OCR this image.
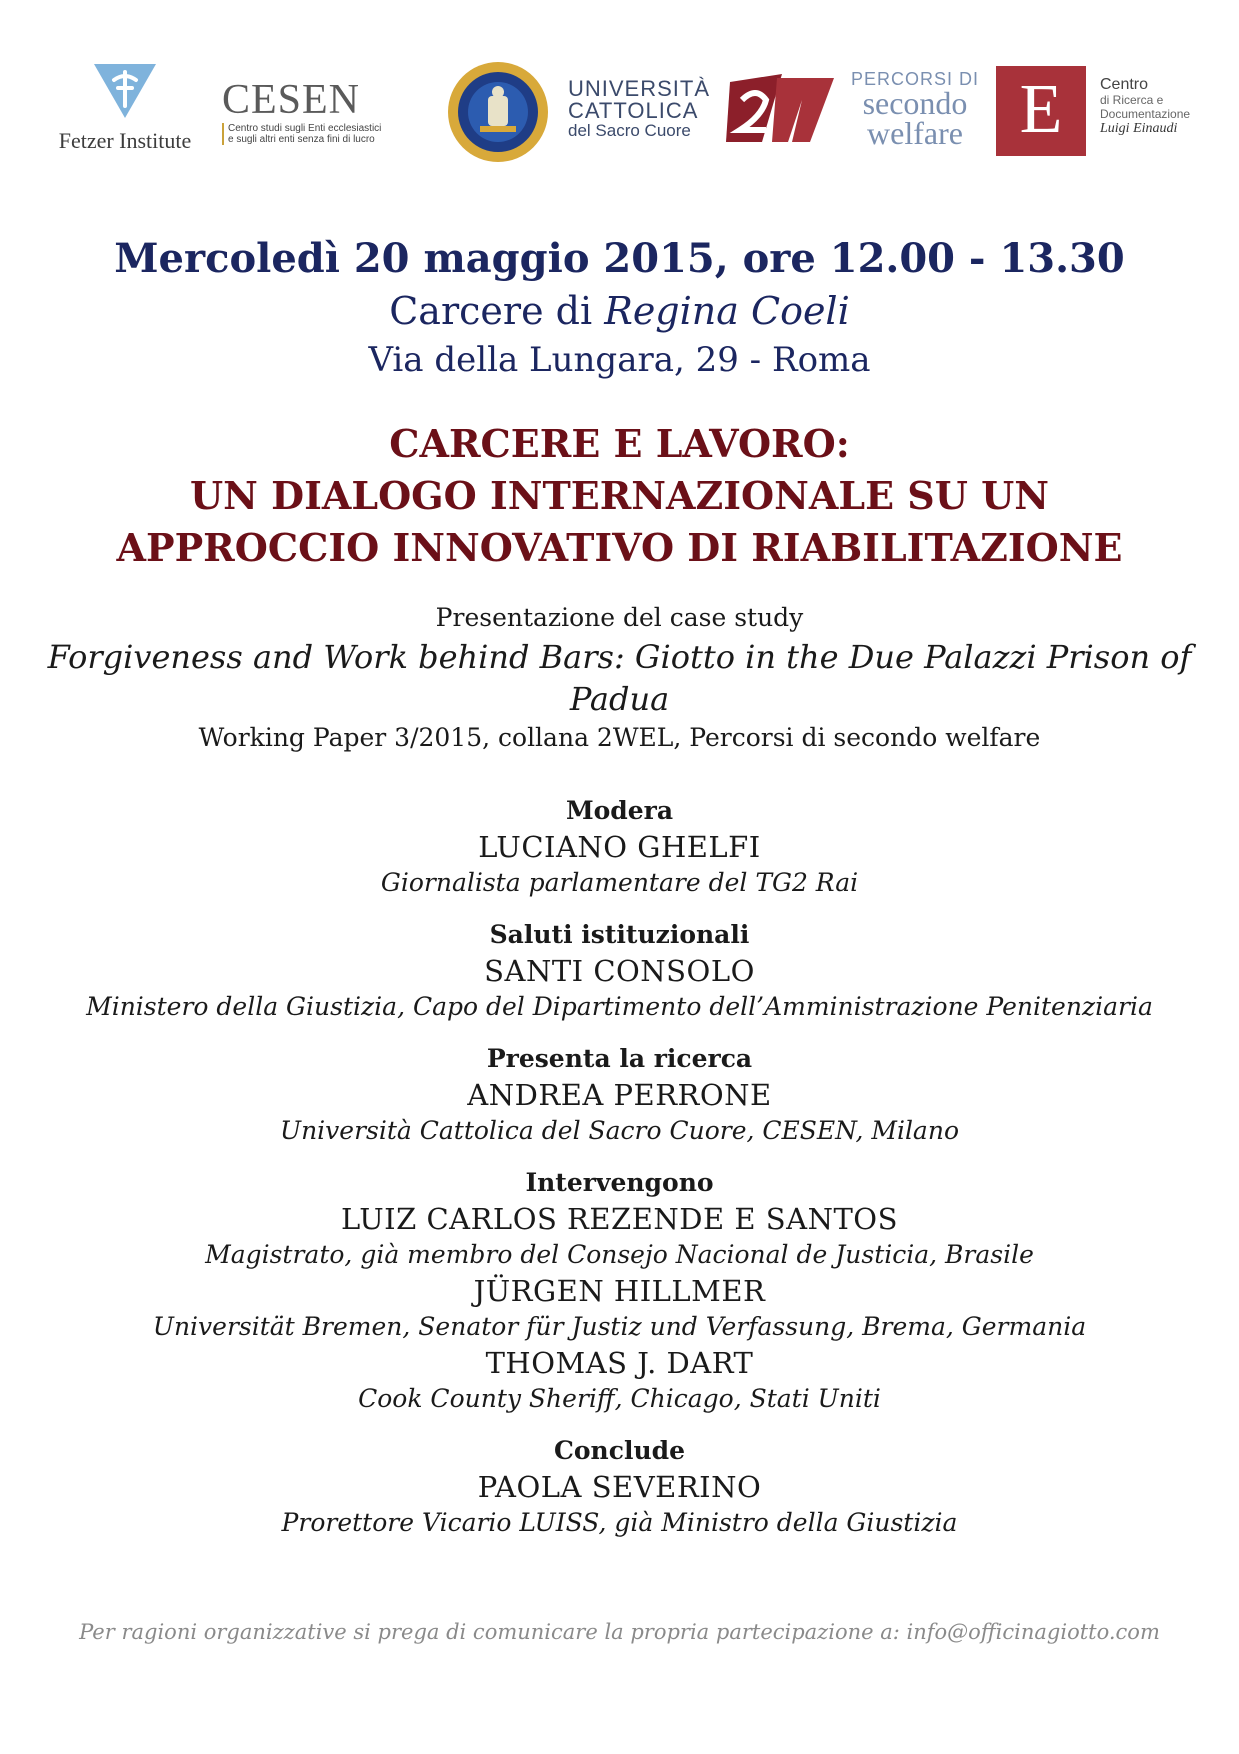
Fetzer Institute
CESEN
Centro studi sugli Enti ecclesiastici
e sugli altri enti senza fini di lucro
UNIVERSITÀ
CATTOLICA
del Sacro Cuore
PERCORSI DI
secondo
welfare E	Centro
di Ricerca e
Documentazione
Luigi Einaudi
Mercoledì 20 maggio 2015, ore 12.00 - 13.30
Carcere di Regina Coeli
Via della Lungara, 29 - Roma
CARCERE E LAVORO:
UN DIALOGO INTERNAZIONALE SU UN
APPROCCIO INNOVATIVO DI RIABILITAZIONE
Presentazione del case study
Forgiveness and Work behind Bars: Giotto in the Due Palazzi Prison of Padua
Working Paper 3/2015, collana 2WEL, Percorsi di secondo welfare
Modera
LUCIANO GHELFI
Giornalista parlamentare del TG2 Rai
Saluti istituzionali
SANTI CONSOLO
Ministero della Giustizia, Capo del Dipartimento dell’Amministrazione Penitenziaria
Presenta la ricerca
ANDREA PERRONE
Università Cattolica del Sacro Cuore, CESEN, Milano
Intervengono
LUIZ CARLOS REZENDE E SANTOS
Magistrato, già membro del Consejo Nacional de Justicia, Brasile
JÜRGEN HILLMER
Universität Bremen, Senator für Justiz und Verfassung, Brema, Germania
THOMAS J. DART
Cook County Sheriff, Chicago, Stati Uniti
Conclude
PAOLA SEVERINO
Prorettore Vicario LUISS, già Ministro della Giustizia
Per ragioni organizzative si prega di comunicare la propria partecipazione a: info@officinagiotto.com
